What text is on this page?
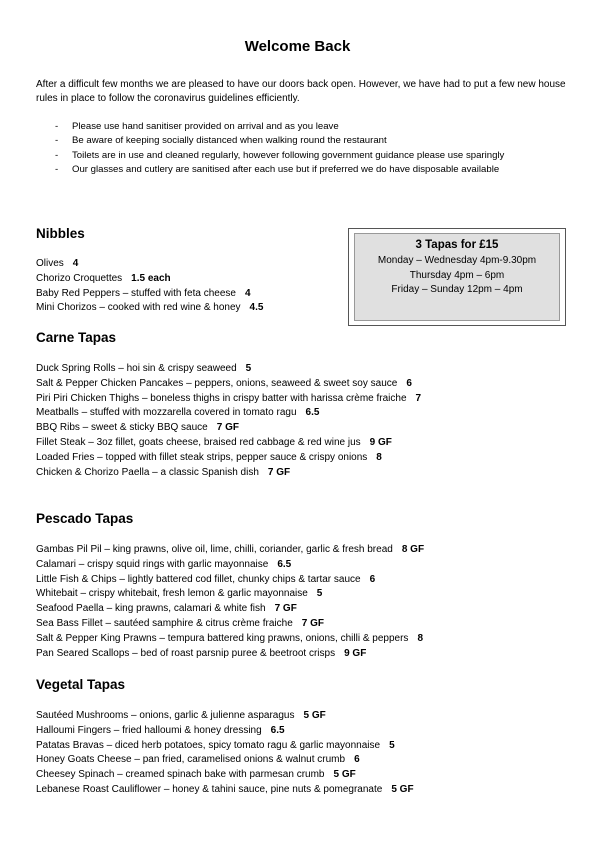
Welcome Back
After a difficult few months we are pleased to have our doors back open. However, we have had to put a few new house rules in place to follow the coronavirus guidelines efficiently.
- Please use hand sanitiser provided on arrival and as you leave
- Be aware of keeping socially distanced when walking round the restaurant
- Toilets are in use and cleaned regularly, however following government guidance please use sparingly
- Our glasses and cutlery are sanitised after each use but if preferred we do have disposable available
3 Tapas for £15
Monday – Wednesday 4pm-9.30pm
Thursday 4pm – 6pm
Friday – Sunday 12pm – 4pm
Nibbles
Olives 4
Chorizo Croquettes 1.5 each
Baby Red Peppers – stuffed with feta cheese 4
Mini Chorizos – cooked with red wine & honey 4.5
Carne Tapas
Duck Spring Rolls – hoi sin & crispy seaweed 5
Salt & Pepper Chicken Pancakes – peppers, onions, seaweed & sweet soy sauce 6
Piri Piri Chicken Thighs – boneless thighs in crispy batter with harissa crème fraiche 7
Meatballs – stuffed with mozzarella covered in tomato ragu 6.5
BBQ Ribs – sweet & sticky BBQ sauce 7 GF
Fillet Steak – 3oz fillet, goats cheese, braised red cabbage & red wine jus 9 GF
Loaded Fries – topped with fillet steak strips, pepper sauce & crispy onions 8
Chicken & Chorizo Paella – a classic Spanish dish 7 GF
Pescado Tapas
Gambas Pil Pil – king prawns, olive oil, lime, chilli, coriander, garlic & fresh bread 8 GF
Calamari – crispy squid rings with garlic mayonnaise 6.5
Little Fish & Chips – lightly battered cod fillet, chunky chips & tartar sauce 6
Whitebait – crispy whitebait, fresh lemon & garlic mayonnaise 5
Seafood Paella – king prawns, calamari & white fish 7 GF
Sea Bass Fillet – sautéed samphire & citrus crème fraiche 7 GF
Salt & Pepper King Prawns – tempura battered king prawns, onions, chilli & peppers 8
Pan Seared Scallops – bed of roast parsnip puree & beetroot crisps 9 GF
Vegetal Tapas
Sautéed Mushrooms – onions, garlic & julienne asparagus 5 GF
Halloumi Fingers – fried halloumi & honey dressing 6.5
Patatas Bravas – diced herb potatoes, spicy tomato ragu & garlic mayonnaise 5
Honey Goats Cheese – pan fried, caramelised onions & walnut crumb 6
Cheesey Spinach – creamed spinach bake with parmesan crumb 5 GF
Lebanese Roast Cauliflower – honey & tahini sauce, pine nuts & pomegranate 5 GF
